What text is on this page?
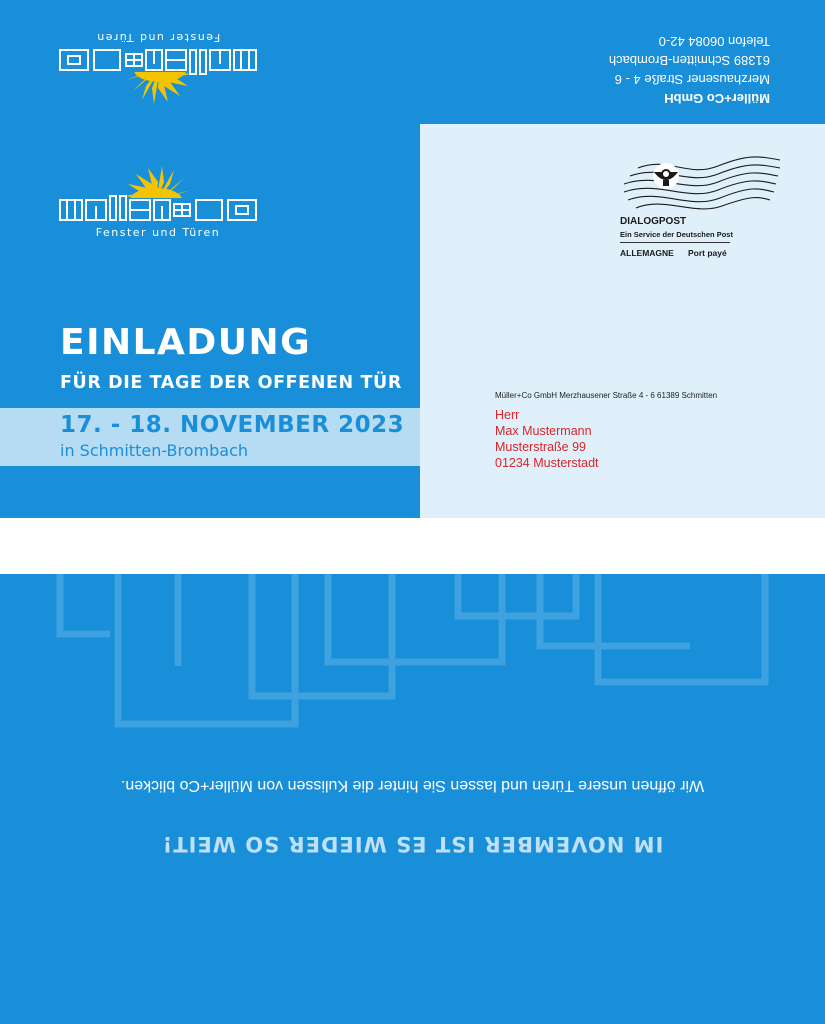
Fenster und Türen
Müller+Co GmbH
Merzhausener Straße 4 - 6
61389 Schmitten-Brombach
Telefon 06084 42-0
Fenster und Türen
EINLADUNG
FÜR DIE TAGE DER OFFENEN TÜR
17. - 18. NOVEMBER 2023
in Schmitten-Brombach
DIALOGPOST
Ein Service der Deutschen Post
ALLEMAGNE Port payé
Müller+Co GmbH Merzhausener Straße 4 - 6 61389 Schmitten
Herr
Max Mustermann
Musterstraße 99
01234 Musterstadt
Wir öffnen unsere Türen und lassen Sie hinter die Kulissen von Müller+Co blicken.
IM NOVEMBER IST ES WIEDER SO WEIT!
